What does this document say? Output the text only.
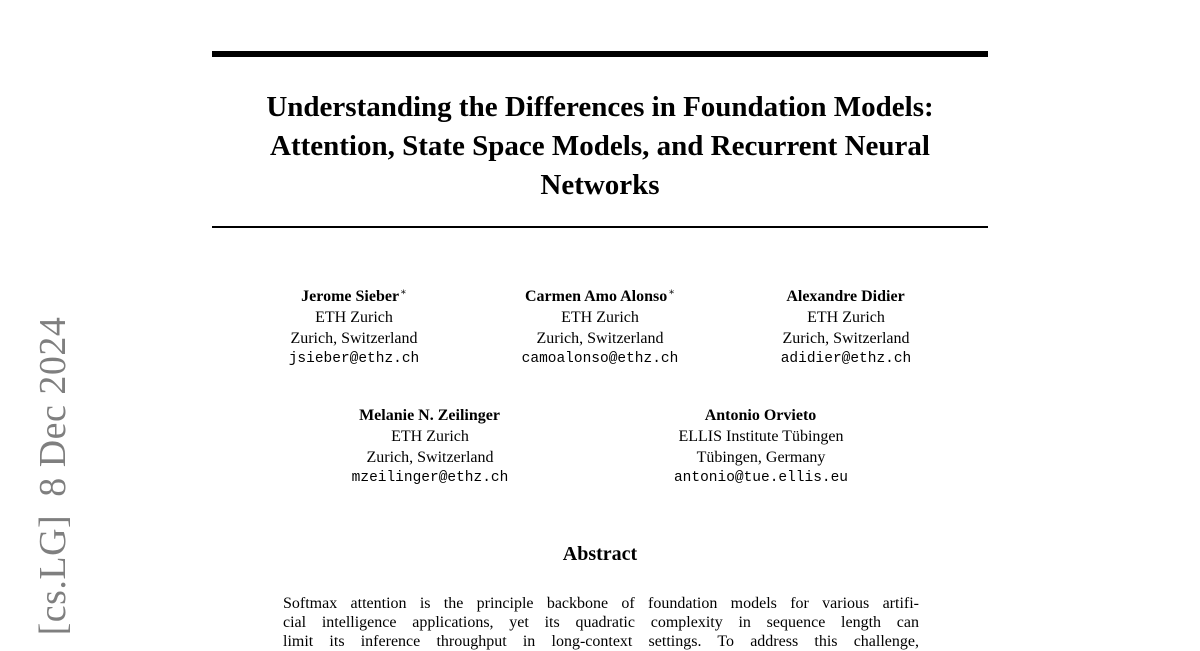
[cs.LG]8 Dec 2024
Understanding the Differences in Foundation Models:
Attention, State Space Models, and Recurrent Neural
Networks
Jerome Sieber∗
ETH Zurich
Zurich, Switzerland
jsieber@ethz.ch
Carmen Amo Alonso∗
ETH Zurich
Zurich, Switzerland
camoalonso@ethz.ch
Alexandre Didier
ETH Zurich
Zurich, Switzerland
adidier@ethz.ch
Melanie N. Zeilinger
ETH Zurich
Zurich, Switzerland
mzeilinger@ethz.ch
Antonio Orvieto
ELLIS Institute Tübingen
Tübingen, Germany
antonio@tue.ellis.eu
Abstract
Softmax attention is the principle backbone of foundation models for various artifi-
cial intelligence applications, yet its quadratic complexity in sequence length can
limit its inference throughput in long-context settings. To address this challenge,
